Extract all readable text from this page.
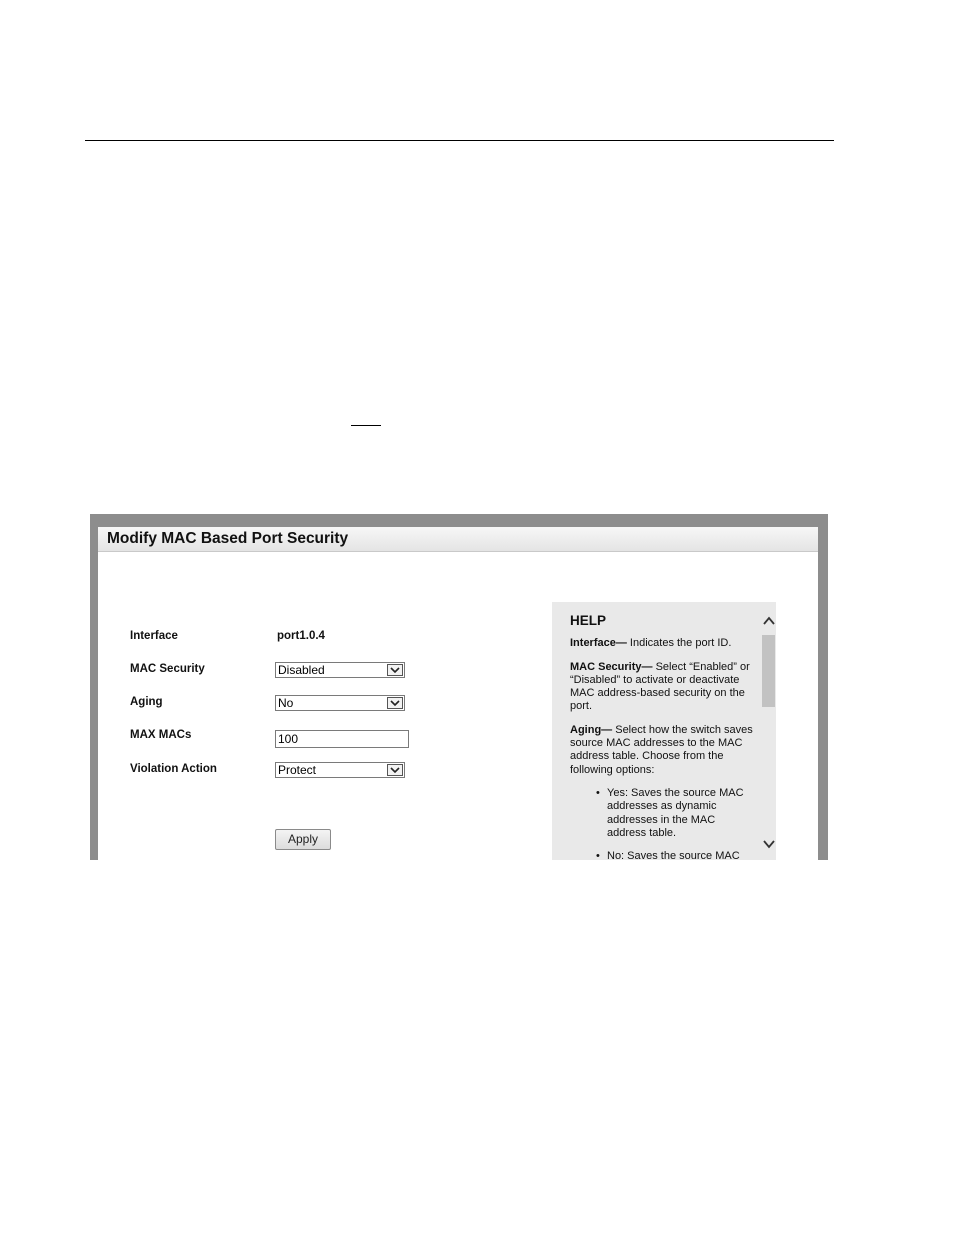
Modify MAC Based Port Security
Interface	port1.0.4
MAC Security	Disabled
Aging	No
MAX MACs	100
Violation Action	Protect
Apply
HELP

Interface— Indicates the port ID.

MAC Security— Select “Enabled” or “Disabled” to activate or deactivate MAC address-based security on the port.

Aging— Select how the switch saves source MAC addresses to the MAC address table. Choose from the following options:

• Yes: Saves the source MAC addresses as dynamic addresses in the MAC address table.
• No: Saves the source MAC
